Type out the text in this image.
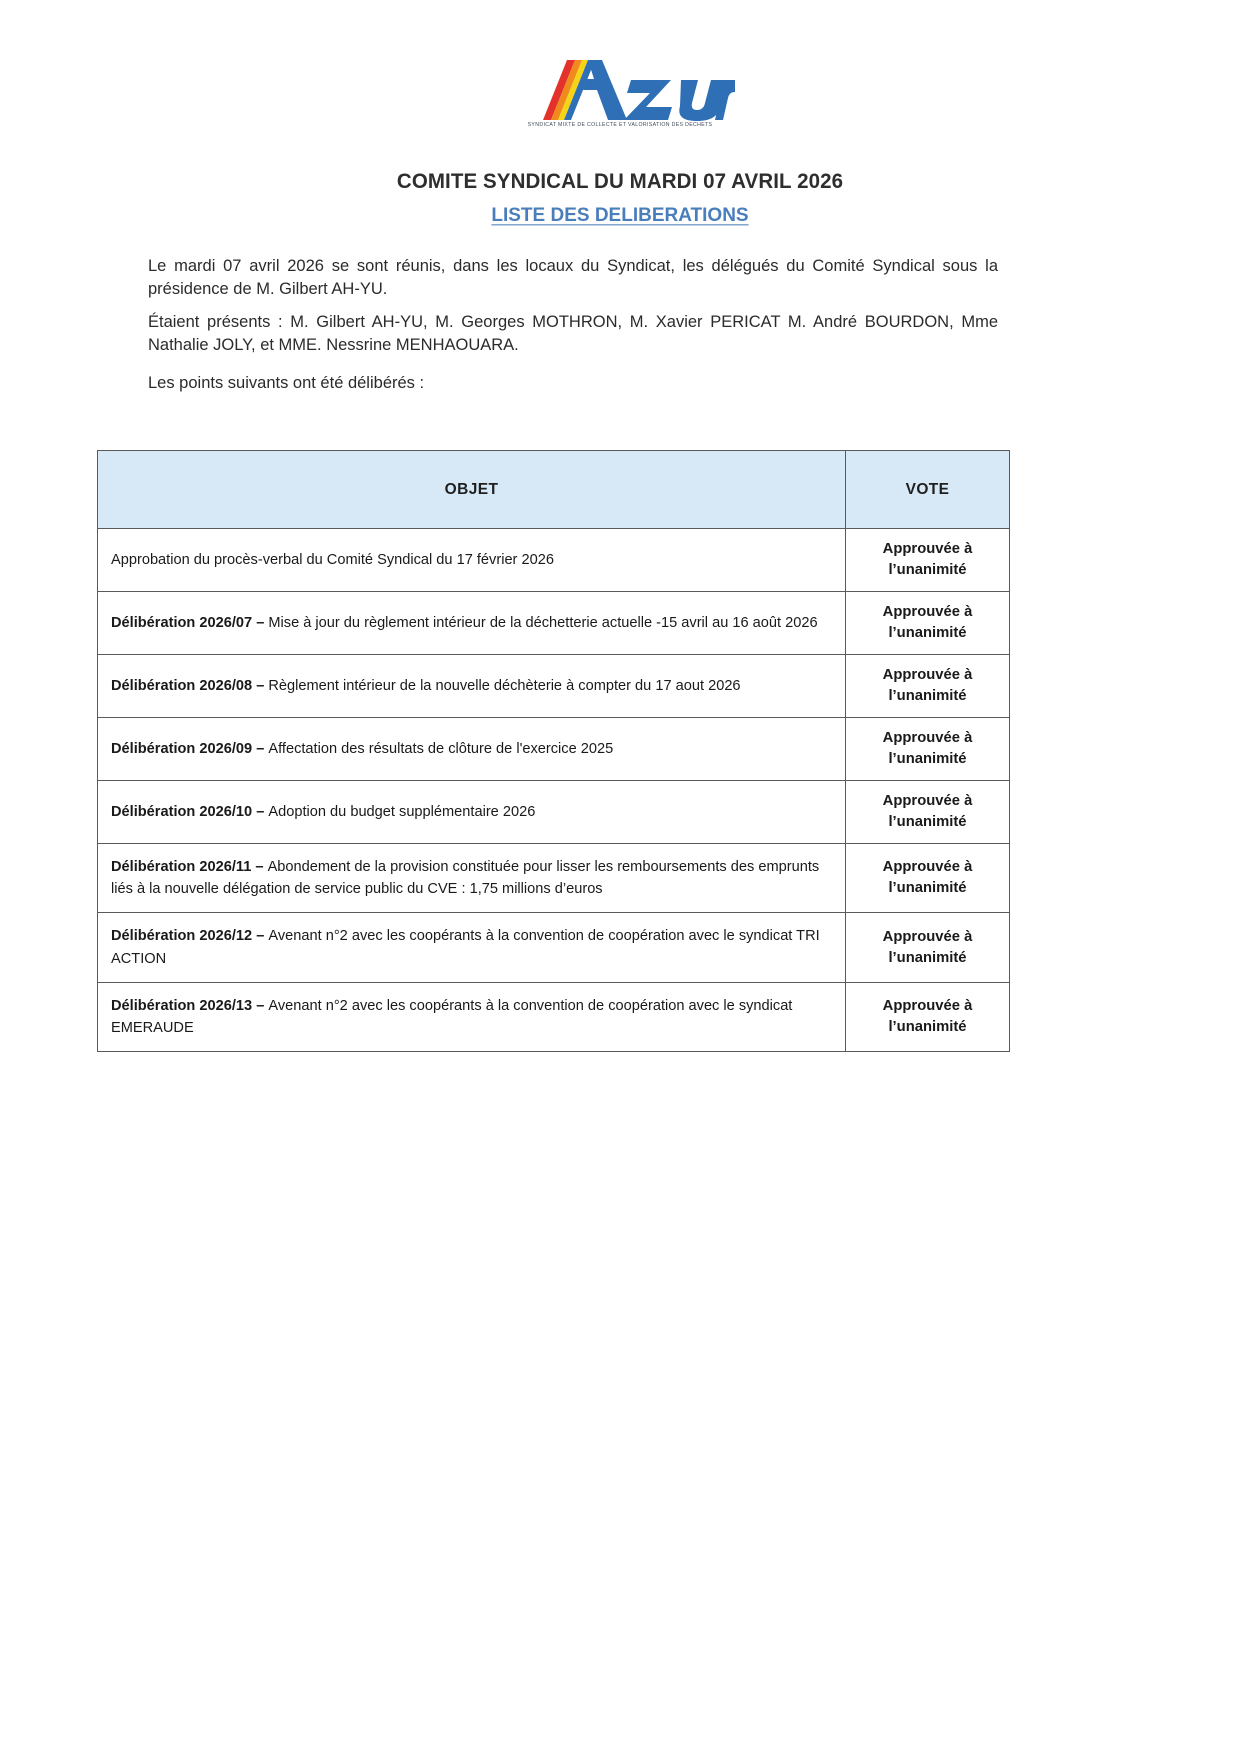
SYNDICAT MIXTE DE COLLECTE ET VALORISATION DES DECHETS
COMITE SYNDICAL DU MARDI 07 AVRIL 2026
LISTE DES DELIBERATIONS
Le mardi 07 avril 2026 se sont réunis, dans les locaux du Syndicat, les délégués du Comité Syndical sous la présidence de M. Gilbert AH-YU.
Étaient présents : M. Gilbert AH-YU, M. Georges MOTHRON, M. Xavier PERICAT M. André BOURDON, Mme Nathalie JOLY, et MME. Nessrine MENHAOUARA.
Les points suivants ont été délibérés :
OBJET	VOTE
Approbation du procès-verbal du Comité Syndical du 17 février 2026	Approuvée à
l’unanimité

Délibération 2026/07 – Mise à jour du règlement intérieur de la déchetterie actuelle -15 avril au 16 août 2026	Approuvée à
l’unanimité

Délibération 2026/08 – Règlement intérieur de la nouvelle déchèterie à compter du 17 aout 2026	Approuvée à
l’unanimité

Délibération 2026/09 – Affectation des résultats de clôture de l'exercice 2025	Approuvée à
l’unanimité

Délibération 2026/10 – Adoption du budget supplémentaire 2026	Approuvée à
l’unanimité

Délibération 2026/11 – Abondement de la provision constituée pour lisser les remboursements des emprunts liés à la nouvelle délégation de service public du CVE : 1,75 millions d’euros	Approuvée à
l’unanimité

Délibération 2026/12 – Avenant n°2 avec les coopérants à la convention de coopération avec le syndicat TRI ACTION	Approuvée à
l’unanimité

Délibération 2026/13 – Avenant n°2 avec les coopérants à la convention de coopération avec le syndicat EMERAUDE	Approuvée à
l’unanimité
